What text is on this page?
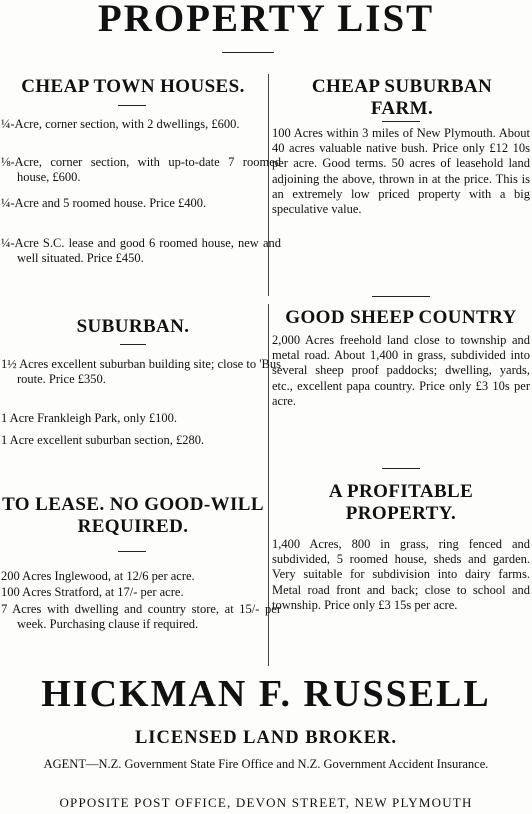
PROPERTY LIST
CHEAP TOWN HOUSES.
¼-Acre, corner section, with 2 dwellings, £600.
⅛-Acre, corner section, with up-to-date 7 roomed house, £600.
¼-Acre and 5 roomed house. Price £400.
¼-Acre S.C. lease and good 6 roomed house, new and well situated. Price £450.
SUBURBAN.
1½ Acres excellent suburban building site; close to 'Bus route. Price £350.
1 Acre Frankleigh Park, only £100.
1 Acre excellent suburban section, £280.
TO LEASE. NO GOOD-WILL REQUIRED.
200 Acres Inglewood, at 12/6 per acre.
100 Acres Stratford, at 17/- per acre.
7 Acres with dwelling and country store, at 15/- per week. Purchasing clause if required.
CHEAP SUBURBAN FARM.
100 Acres within 3 miles of New Plymouth. About 40 acres valuable native bush. Price only £12 10s per acre. Good terms. 50 acres of leasehold land adjoining the above, thrown in at the price. This is an extremely low priced property with a big speculative value.
GOOD SHEEP COUNTRY
2,000 Acres freehold land close to township and metal road. About 1,400 in grass, subdivided into several sheep proof paddocks; dwelling, yards, etc., excellent papa country. Price only £3 10s per acre.
A PROFITABLE PROPERTY.
1,400 Acres, 800 in grass, ring fenced and subdivided, 5 roomed house, sheds and garden. Very suitable for subdivision into dairy farms. Metal road front and back; close to school and township. Price only £3 15s per acre.
HICKMAN F. RUSSELL
LICENSED LAND BROKER.
AGENT—N.Z. Government State Fire Office and N.Z. Government Accident Insurance.
OPPOSITE POST OFFICE, DEVON STREET, NEW PLYMOUTH
